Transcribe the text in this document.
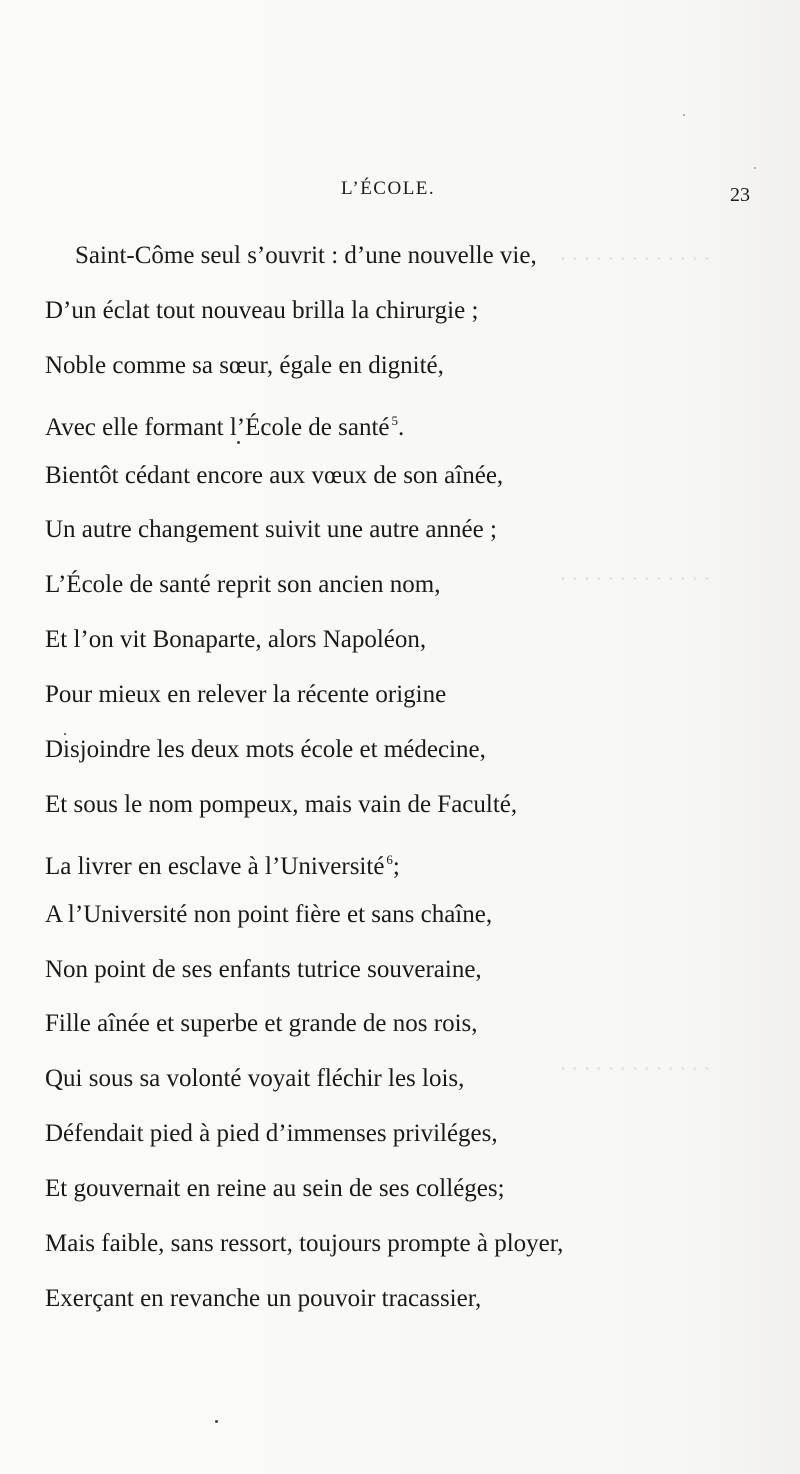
. . . . . . . . . . . . .
. . . . . . . . . . . . .
. . . . . . . . . . . . .
L’ÉCOLE.	23
Saint-Côme seul s’ouvrit : d’une nouvelle vie,
D’un éclat tout nouveau brilla la chirurgie ;
Noble comme sa sœur, égale en dignité,
Avec elle formant l’École de santé $^5$.
Bientôt cédant encore aux vœux de son aînée,
Un autre changement suivit une autre année ;
L’École de santé reprit son ancien nom,
Et l’on vit Bonaparte, alors Napoléon,
Pour mieux en relever la récente origine
Disjoindre les deux mots école et médecine,
Et sous le nom pompeux, mais vain de Faculté,
La livrer en esclave à l’Université $^6$;
A l’Université non point fière et sans chaîne,
Non point de ses enfants tutrice souveraine,
Fille aînée et superbe et grande de nos rois,
Qui sous sa volonté voyait fléchir les lois,
Défendait pied à pied d’immenses priviléges,
Et gouvernait en reine au sein de ses colléges;
Mais faible, sans ressort, toujours prompte à ployer,
Exerçant en revanche un pouvoir tracassier,
